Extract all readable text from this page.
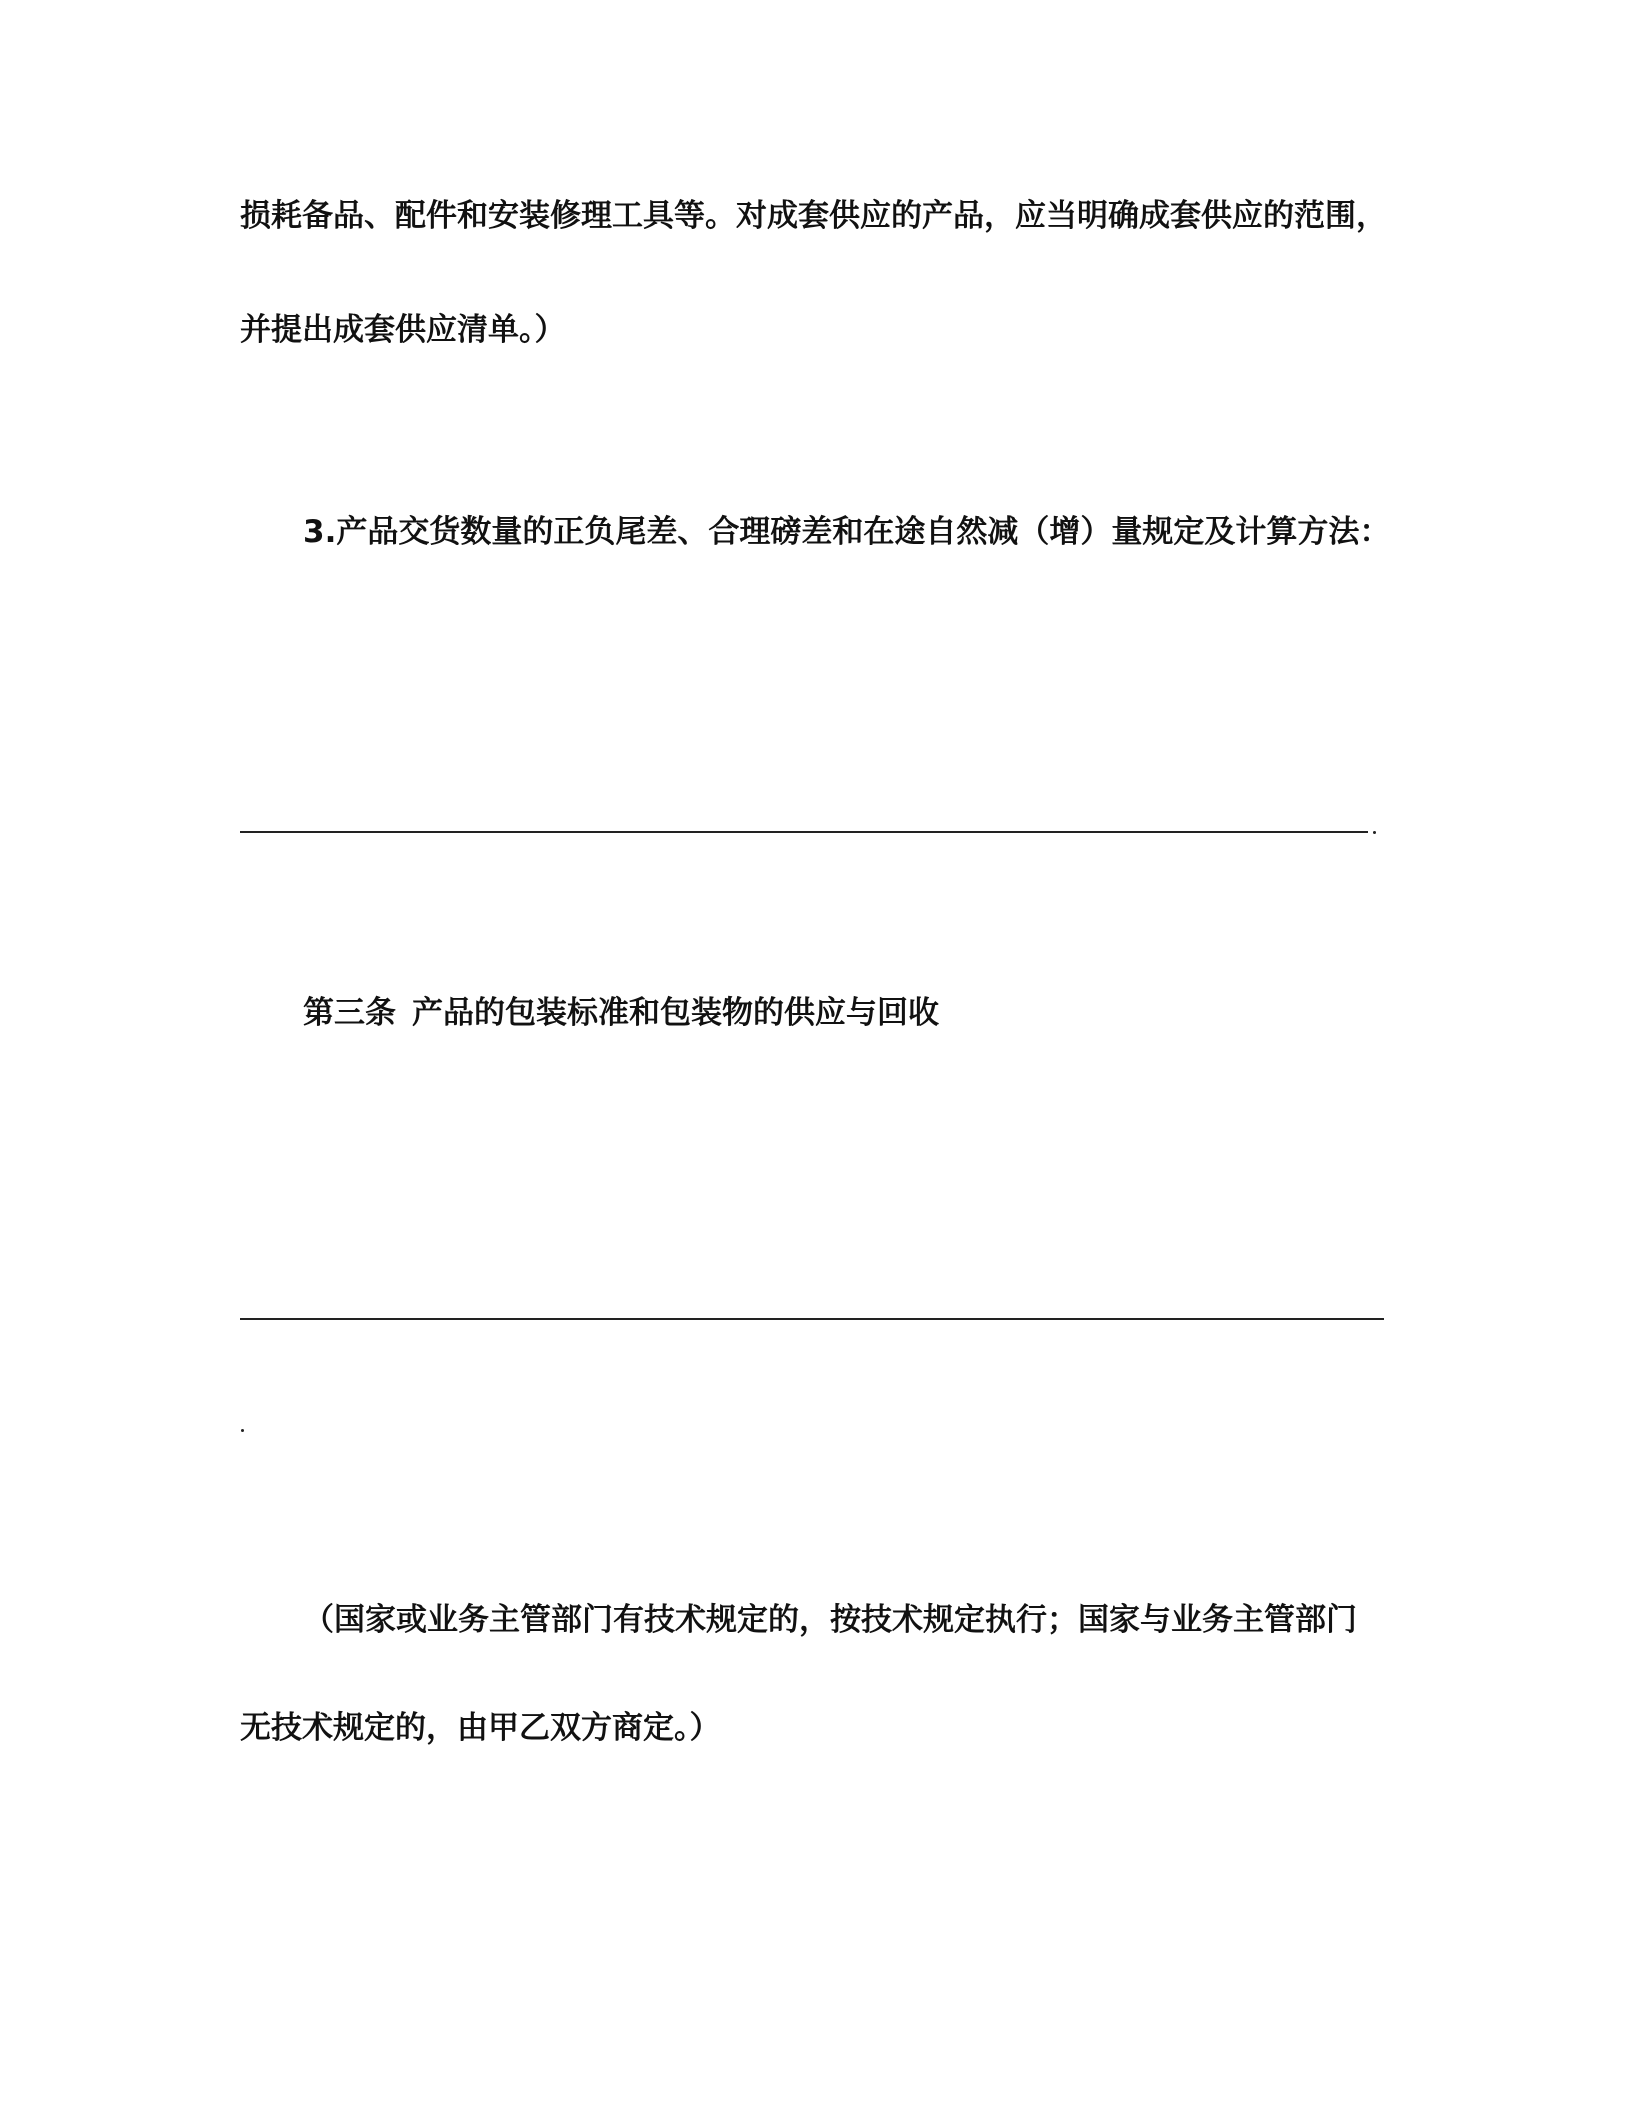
损耗备品、配件和安装修理工具等。对成套供应的产品，应当明确成套供应的范围，

并提出成套供应清单。）

3.产品交货数量的正负尾差、合理磅差和在途自然减（增）量规定及计算方法：

第三条 产品的包装标准和包装物的供应与回收

（国家或业务主管部门有技术规定的，按技术规定执行；国家与业务主管部门

无技术规定的，由甲乙双方商定。）
